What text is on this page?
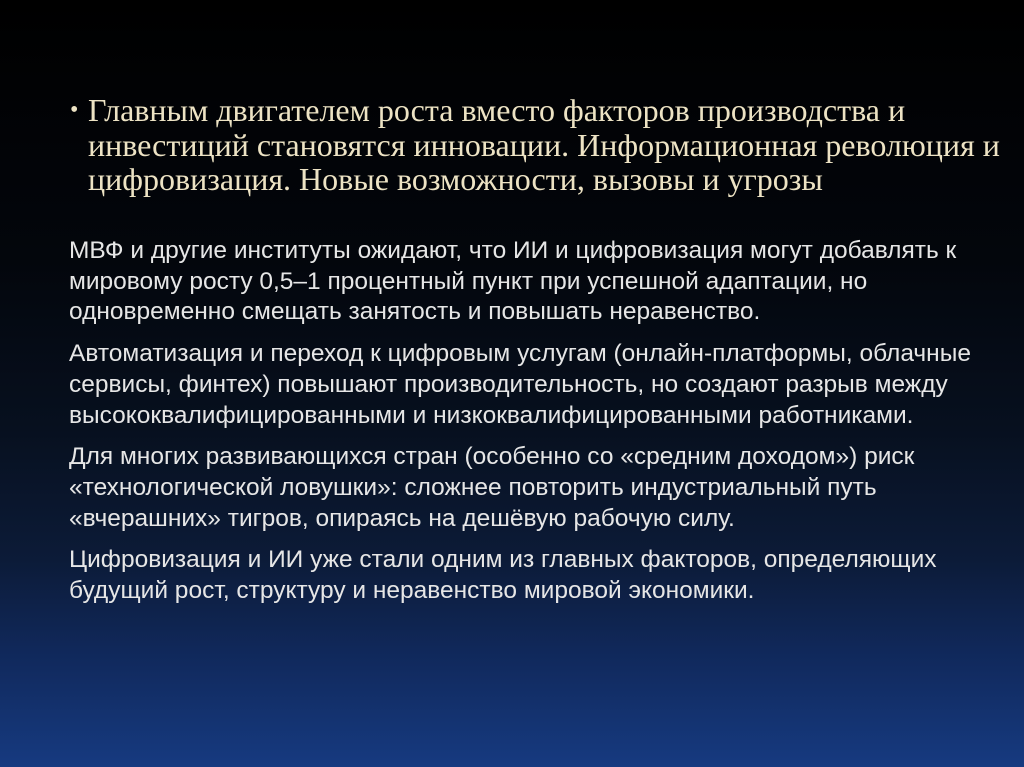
• Главным двигателем роста вместо факторов производства и инвестиций становятся инновации. Информационная революция и цифровизация. Новые возможности, вызовы и угрозы

МВФ и другие институты ожидают, что ИИ и цифровизация могут добавлять к мировому росту 0,5–1 процентный пункт при успешной адаптации, но одновременно смещать занятость и повышать неравенство.

Автоматизация и переход к цифровым услугам (онлайн-платформы, облачные сервисы, финтех) повышают производительность, но создают разрыв между высококвалифицированными и низкоквалифицированными работниками.

Для многих развивающихся стран (особенно со «средним доходом») риск «технологической ловушки»: сложнее повторить индустриальный путь «вчерашних» тигров, опираясь на дешёвую рабочую силу.

Цифровизация и ИИ уже стали одним из главных факторов, определяющих будущий рост, структуру и неравенство мировой экономики.
